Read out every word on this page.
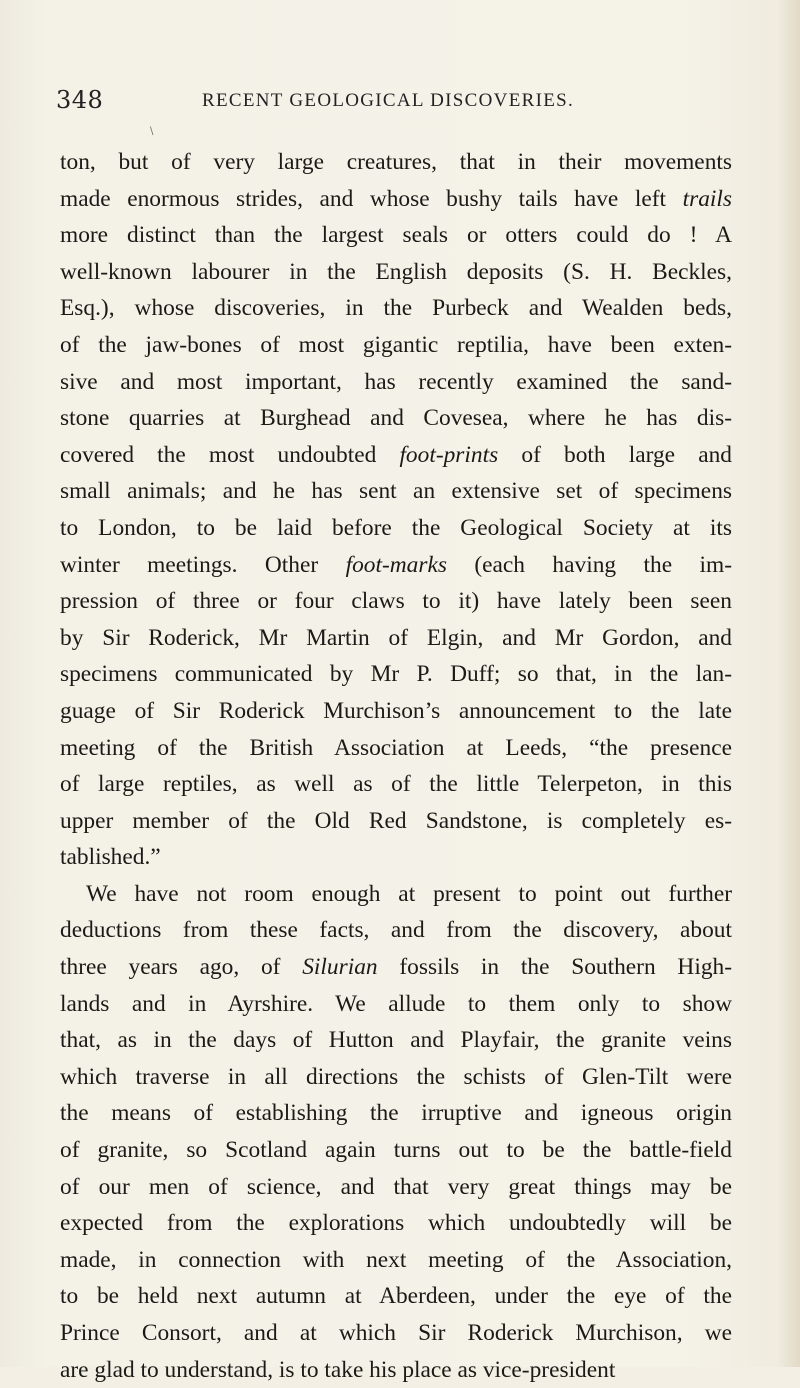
348	RECENT GEOLOGICAL DISCOVERIES.
\
ton, but of very large creatures, that in their movements
made enormous strides, and whose bushy tails have left trails
more distinct than the largest seals or otters could do ! A
well-known labourer in the English deposits (S. H. Beckles,
Esq.), whose discoveries, in the Purbeck and Wealden beds,
of the jaw-bones of most gigantic reptilia, have been exten-
sive and most important, has recently examined the sand-
stone quarries at Burghead and Covesea, where he has dis-
covered the most undoubted foot-prints of both large and
small animals; and he has sent an extensive set of specimens
to London, to be laid before the Geological Society at its
winter meetings. Other foot-marks (each having the im-
pression of three or four claws to it) have lately been seen
by Sir Roderick, Mr Martin of Elgin, and Mr Gordon, and
specimens communicated by Mr P. Duff; so that, in the lan-
guage of Sir Roderick Murchison’s announcement to the late
meeting of the British Association at Leeds, “the presence
of large reptiles, as well as of the little Telerpeton, in this
upper member of the Old Red Sandstone, is completely es-
tablished.”
We have not room enough at present to point out further
deductions from these facts, and from the discovery, about
three years ago, of Silurian fossils in the Southern High-
lands and in Ayrshire. We allude to them only to show
that, as in the days of Hutton and Playfair, the granite veins
which traverse in all directions the schists of Glen-Tilt were
the means of establishing the irruptive and igneous origin
of granite, so Scotland again turns out to be the battle-field
of our men of science, and that very great things may be
expected from the explorations which undoubtedly will be
made, in connection with next meeting of the Association,
to be held next autumn at Aberdeen, under the eye of the
Prince Consort, and at which Sir Roderick Murchison, we
are glad to understand, is to take his place as vice-president
